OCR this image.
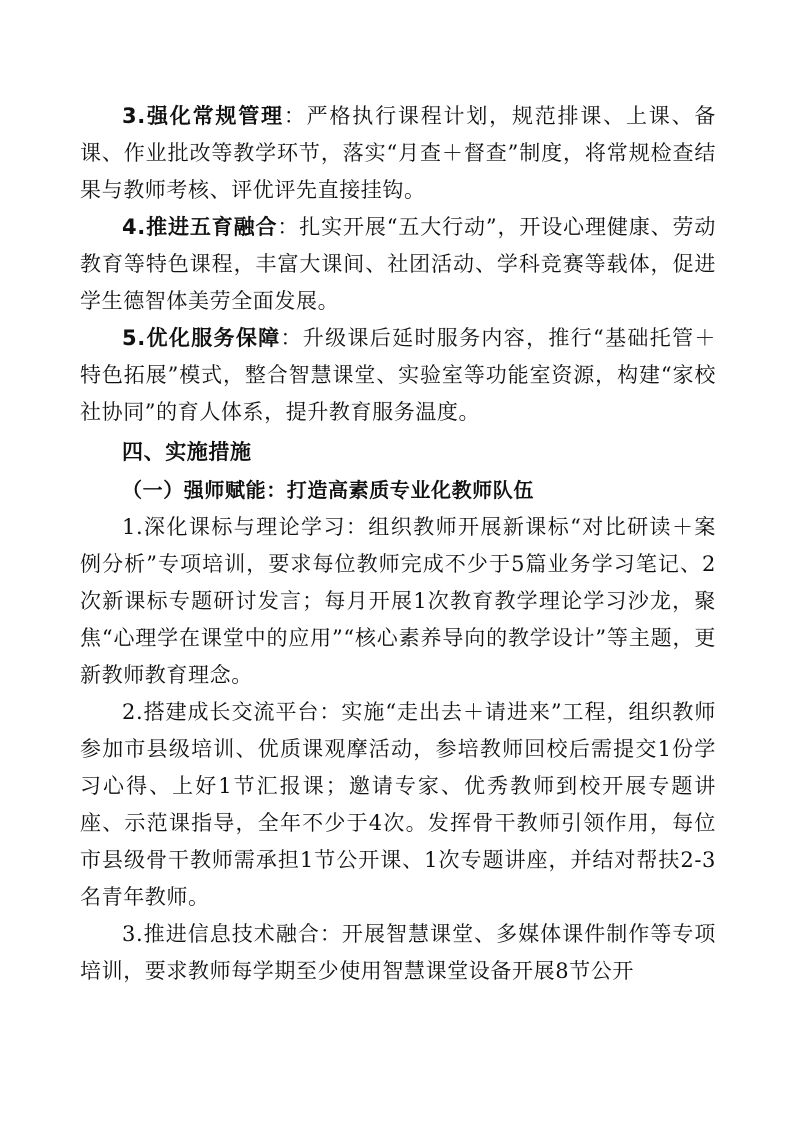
3.强化常规管理：严格执行课程计划，规范排课、上课、备课、作业批改等教学环节，落实“月查＋督查”制度，将常规检查结果与教师考核、评优评先直接挂钩。

4.推进五育融合：扎实开展“五大行动”，开设心理健康、劳动教育等特色课程，丰富大课间、社团活动、学科竞赛等载体，促进学生德智体美劳全面发展。

5.优化服务保障：升级课后延时服务内容，推行“基础托管＋特色拓展”模式，整合智慧课堂、实验室等功能室资源，构建“家校社协同”的育人体系，提升教育服务温度。

四、实施措施

（一）强师赋能：打造高素质专业化教师队伍

1.深化课标与理论学习：组织教师开展新课标“对比研读＋案例分析”专项培训，要求每位教师完成不少于5篇业务学习笔记、2次新课标专题研讨发言；每月开展1次教育教学理论学习沙龙，聚焦“心理学在课堂中的应用”“核心素养导向的教学设计”等主题，更新教师教育理念。

2.搭建成长交流平台：实施“走出去＋请进来”工程，组织教师参加市县级培训、优质课观摩活动，参培教师回校后需提交1份学习心得、上好1节汇报课；邀请专家、优秀教师到校开展专题讲座、示范课指导，全年不少于4次。发挥骨干教师引领作用，每位市县级骨干教师需承担1节公开课、1次专题讲座，并结对帮扶2-3名青年教师。

3.推进信息技术融合：开展智慧课堂、多媒体课件制作等专项培训，要求教师每学期至少使用智慧课堂设备开展8节公开
